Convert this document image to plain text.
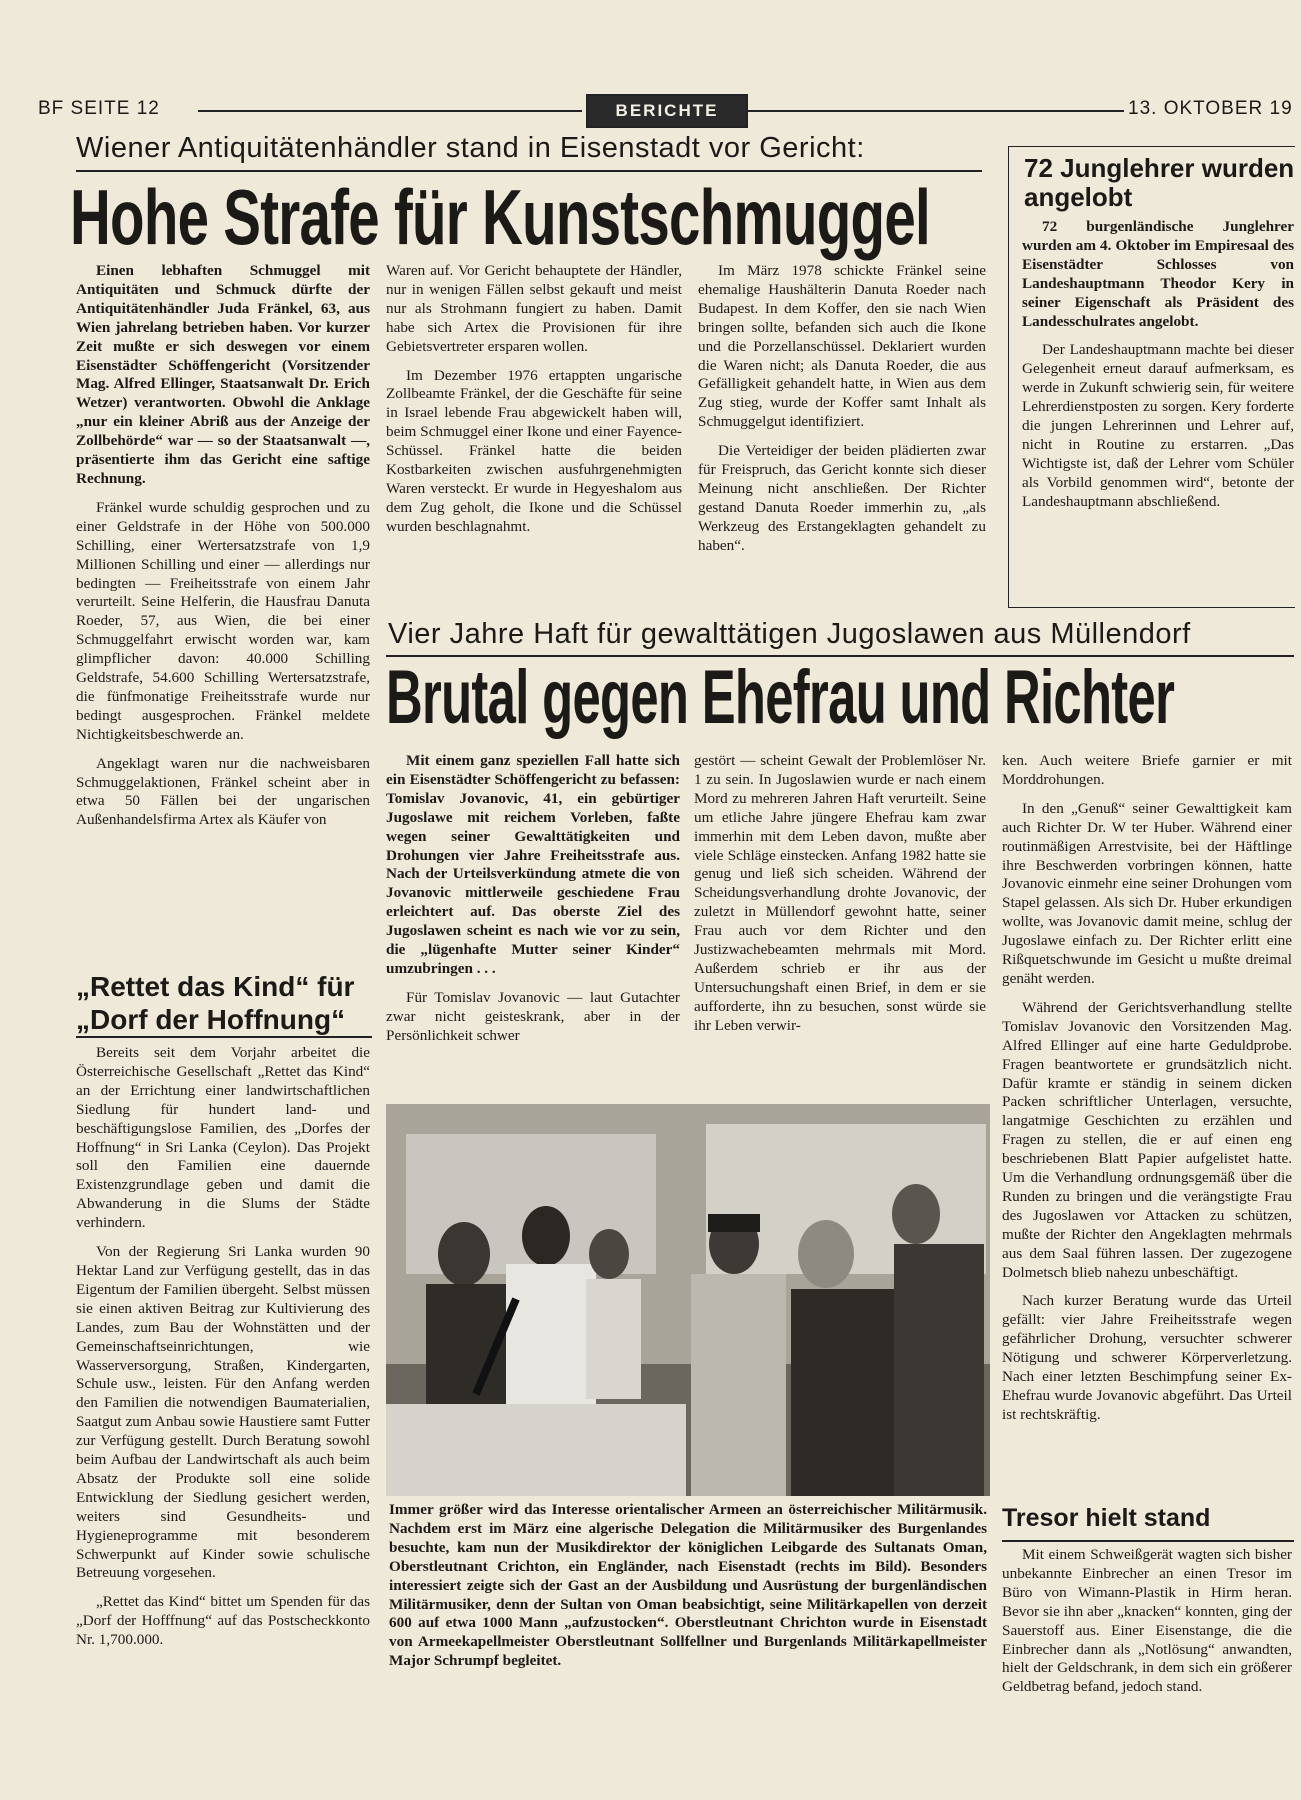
BF SEITE 12	BERICHTE	13. OKTOBER 19
Wiener Antiquitätenhändler stand in Eisenstadt vor Gericht:
Hohe Strafe für Kunstschmuggel

Einen lebhaften Schmuggel mit Antiquitäten und Schmuck dürfte der Antiquitätenhändler Juda Fränkel, 63, aus Wien jahrelang betrieben haben. Vor kurzer Zeit mußte er sich deswegen vor einem Eisenstädter Schöffengericht (Vorsitzender Mag. Alfred Ellinger, Staatsanwalt Dr. Erich Wetzer) verantworten. Obwohl die Anklage „nur ein kleiner Abriß aus der Anzeige der Zollbehörde“ war — so der Staatsanwalt —, präsentierte ihm das Gericht eine saftige Rechnung.

Fränkel wurde schuldig gesprochen und zu einer Geldstrafe in der Höhe von 500.000 Schilling, einer Wertersatzstrafe von 1,9 Millionen Schilling und einer — allerdings nur bedingten — Freiheitsstrafe von einem Jahr verurteilt. Seine Helferin, die Hausfrau Danuta Roeder, 57, aus Wien, die bei einer Schmuggelfahrt erwischt worden war, kam glimpflicher davon: 40.000 Schilling Geldstrafe, 54.600 Schilling Wertersatzstrafe, die fünfmonatige Freiheitsstrafe wurde nur bedingt ausgesprochen. Fränkel meldete Nichtigkeitsbeschwerde an.

Angeklagt waren nur die nachweisbaren Schmuggelaktionen, Fränkel scheint aber in etwa 50 Fällen bei der ungarischen Außenhandelsfirma Artex als Käufer von

Waren auf. Vor Gericht behauptete der Händler, nur in wenigen Fällen selbst gekauft und meist nur als Strohmann fungiert zu haben. Damit habe sich Artex die Provisionen für ihre Gebietsvertreter ersparen wollen.

Im Dezember 1976 ertappten ungarische Zollbeamte Fränkel, der die Geschäfte für seine in Israel lebende Frau abgewickelt haben will, beim Schmuggel einer Ikone und einer Fayence-Schüssel. Fränkel hatte die beiden Kostbarkeiten zwischen ausfuhrgenehmigten Waren versteckt. Er wurde in Hegyeshalom aus dem Zug geholt, die Ikone und die Schüssel wurden beschlagnahmt.

Im März 1978 schickte Fränkel seine ehemalige Haushälterin Danuta Roeder nach Budapest. In dem Koffer, den sie nach Wien bringen sollte, befanden sich auch die Ikone und die Porzellanschüssel. Deklariert wurden die Waren nicht; als Danuta Roeder, die aus Gefälligkeit gehandelt hatte, in Wien aus dem Zug stieg, wurde der Koffer samt Inhalt als Schmuggelgut identifiziert.

Die Verteidiger der beiden plädierten zwar für Freispruch, das Gericht konnte sich dieser Meinung nicht anschließen. Der Richter gestand Danuta Roeder immerhin zu, „als Werkzeug des Erstangeklagten gehandelt zu haben“.

72 Junglehrer wurden angelobt

72 burgenländische Junglehrer wurden am 4. Oktober im Empiresaal des Eisenstädter Schlosses von Landeshauptmann Theodor Kery in seiner Eigenschaft als Präsident des Landesschulrates angelobt.

Der Landeshauptmann machte bei dieser Gelegenheit erneut darauf aufmerksam, es werde in Zukunft schwierig sein, für weitere Lehrerdienstposten zu sorgen. Kery forderte die jungen Lehrerinnen und Lehrer auf, nicht in Routine zu erstarren. „Das Wichtigste ist, daß der Lehrer vom Schüler als Vorbild genommen wird“, betonte der Landeshauptmann abschließend.

Vier Jahre Haft für gewalttätigen Jugoslawen aus Müllendorf
Brutal gegen Ehefrau und Richter
„Rettet das Kind“ für „Dorf der Hoffnung“

Bereits seit dem Vorjahr arbeitet die Österreichische Gesellschaft „Rettet das Kind“ an der Errichtung einer landwirtschaftlichen Siedlung für hundert land- und beschäftigungslose Familien, des „Dorfes der Hoffnung“ in Sri Lanka (Ceylon). Das Projekt soll den Familien eine dauernde Existenzgrundlage geben und damit die Abwanderung in die Slums der Städte verhindern.

Von der Regierung Sri Lanka wurden 90 Hektar Land zur Verfügung gestellt, das in das Eigentum der Familien übergeht. Selbst müssen sie einen aktiven Beitrag zur Kultivierung des Landes, zum Bau der Wohnstätten und der Gemeinschaftseinrichtungen, wie Wasserversorgung, Straßen, Kindergarten, Schule usw., leisten. Für den Anfang werden den Familien die notwendigen Baumaterialien, Saatgut zum Anbau sowie Haustiere samt Futter zur Verfügung gestellt. Durch Beratung sowohl beim Aufbau der Landwirtschaft als auch beim Absatz der Produkte soll eine solide Entwicklung der Siedlung gesichert werden, weiters sind Gesundheits- und Hygieneprogramme mit besonderem Schwerpunkt auf Kinder sowie schulische Betreuung vorgesehen.

„Rettet das Kind“ bittet um Spenden für das „Dorf der Hofffnung“ auf das Postscheckkonto Nr. 1,700.000.

Mit einem ganz speziellen Fall hatte sich ein Eisenstädter Schöffengericht zu befassen: Tomislav Jovanovic, 41, ein gebürtiger Jugoslawe mit reichem Vorleben, faßte wegen seiner Gewalttätigkeiten und Drohungen vier Jahre Freiheitsstrafe aus. Nach der Urteilsverkündung atmete die von Jovanovic mittlerweile geschiedene Frau erleichtert auf. Das oberste Ziel des Jugoslawen scheint es nach wie vor zu sein, die „lügenhafte Mutter seiner Kinder“ umzubringen . . .

Für Tomislav Jovanovic — laut Gutachter zwar nicht geisteskrank, aber in der Persönlichkeit schwer

gestört — scheint Gewalt der Problemlöser Nr. 1 zu sein. In Jugoslawien wurde er nach einem Mord zu mehreren Jahren Haft verurteilt. Seine um etliche Jahre jüngere Ehefrau kam zwar immerhin mit dem Leben davon, mußte aber viele Schläge einstecken. Anfang 1982 hatte sie genug und ließ sich scheiden. Während der Scheidungsverhandlung drohte Jovanovic, der zuletzt in Müllendorf gewohnt hatte, seiner Frau auch vor dem Richter und den Justizwachebeamten mehrmals mit Mord. Außerdem schrieb er ihr aus der Untersuchungshaft einen Brief, in dem er sie aufforderte, ihn zu besuchen, sonst würde sie ihr Leben verwir-

ken. Auch weitere Briefe garnier er mit Morddrohungen.

In den „Genuß“ seiner Gewalttigkeit kam auch Richter Dr. W ter Huber. Während einer routinmäßigen Arrestvisite, bei der Häftlinge ihre Beschwerden vorbringen können, hatte Jovanovic einmehr eine seiner Drohungen vom Stapel gelassen. Als sich Dr. Huber erkundigen wollte, was Jovanovic damit meine, schlug der Jugoslawe einfach zu. Der Richter erlitt eine Rißquetschwunde im Gesicht u mußte dreimal genäht werden.

Während der Gerichtsverhandlung stellte Tomislav Jovanovic den Vorsitzenden Mag. Alfred Ellinger auf eine harte Geduldprobe. Fragen beantwortete er grundsätzlich nicht. Dafür kramte er ständig in seinem dicken Packen schriftlicher Unterlagen, versuchte, langatmige Geschichten zu erzählen und Fragen zu stellen, die er auf einen eng beschriebenen Blatt Papier aufgelistet hatte. Um die Verhandlung ordnungsgemäß über die Runden zu bringen und die verängstigte Frau des Jugoslawen vor Attacken zu schützen, mußte der Richter den Angeklagten mehrmals aus dem Saal führen lassen. Der zugezogene Dolmetsch blieb nahezu unbeschäftigt.

Nach kurzer Beratung wurde das Urteil gefällt: vier Jahre Freiheitsstrafe wegen gefährlicher Drohung, versuchter schwerer Nötigung und schwerer Körperverletzung. Nach einer letzten Beschimpfung seiner Ex-Ehefrau wurde Jovanovic abgeführt. Das Urteil ist rechtskräftig.

Immer größer wird das Interesse orientalischer Armeen an österreichischer Militärmusik. Nachdem erst im März eine algerische Delegation die Militärmusiker des Burgenlandes besuchte, kam nun der Musikdirektor der königlichen Leibgarde des Sultanats Oman, Oberstleutnant Crichton, ein Engländer, nach Eisenstadt (rechts im Bild). Besonders interessiert zeigte sich der Gast an der Ausbildung und Ausrüstung der burgenländischen Militärmusiker, denn der Sultan von Oman beabsichtigt, seine Militärkapellen von derzeit 600 auf etwa 1000 Mann „aufzustocken“. Oberstleutnant Chrichton wurde in Eisenstadt von Armeekapellmeister Oberstleutnant Sollfellner und Burgenlands Militärkapellmeister Major Schrumpf begleitet.
Tresor hielt stand

Mit einem Schweißgerät wagten sich bisher unbekannte Einbrecher an einen Tresor im Büro von Wimann-Plastik in Hirm heran. Bevor sie ihn aber „knacken“ konnten, ging der Sauerstoff aus. Einer Eisenstange, die die Einbrecher dann als „Notlösung“ anwandten, hielt der Geldschrank, in dem sich ein größerer Geldbetrag befand, jedoch stand.
